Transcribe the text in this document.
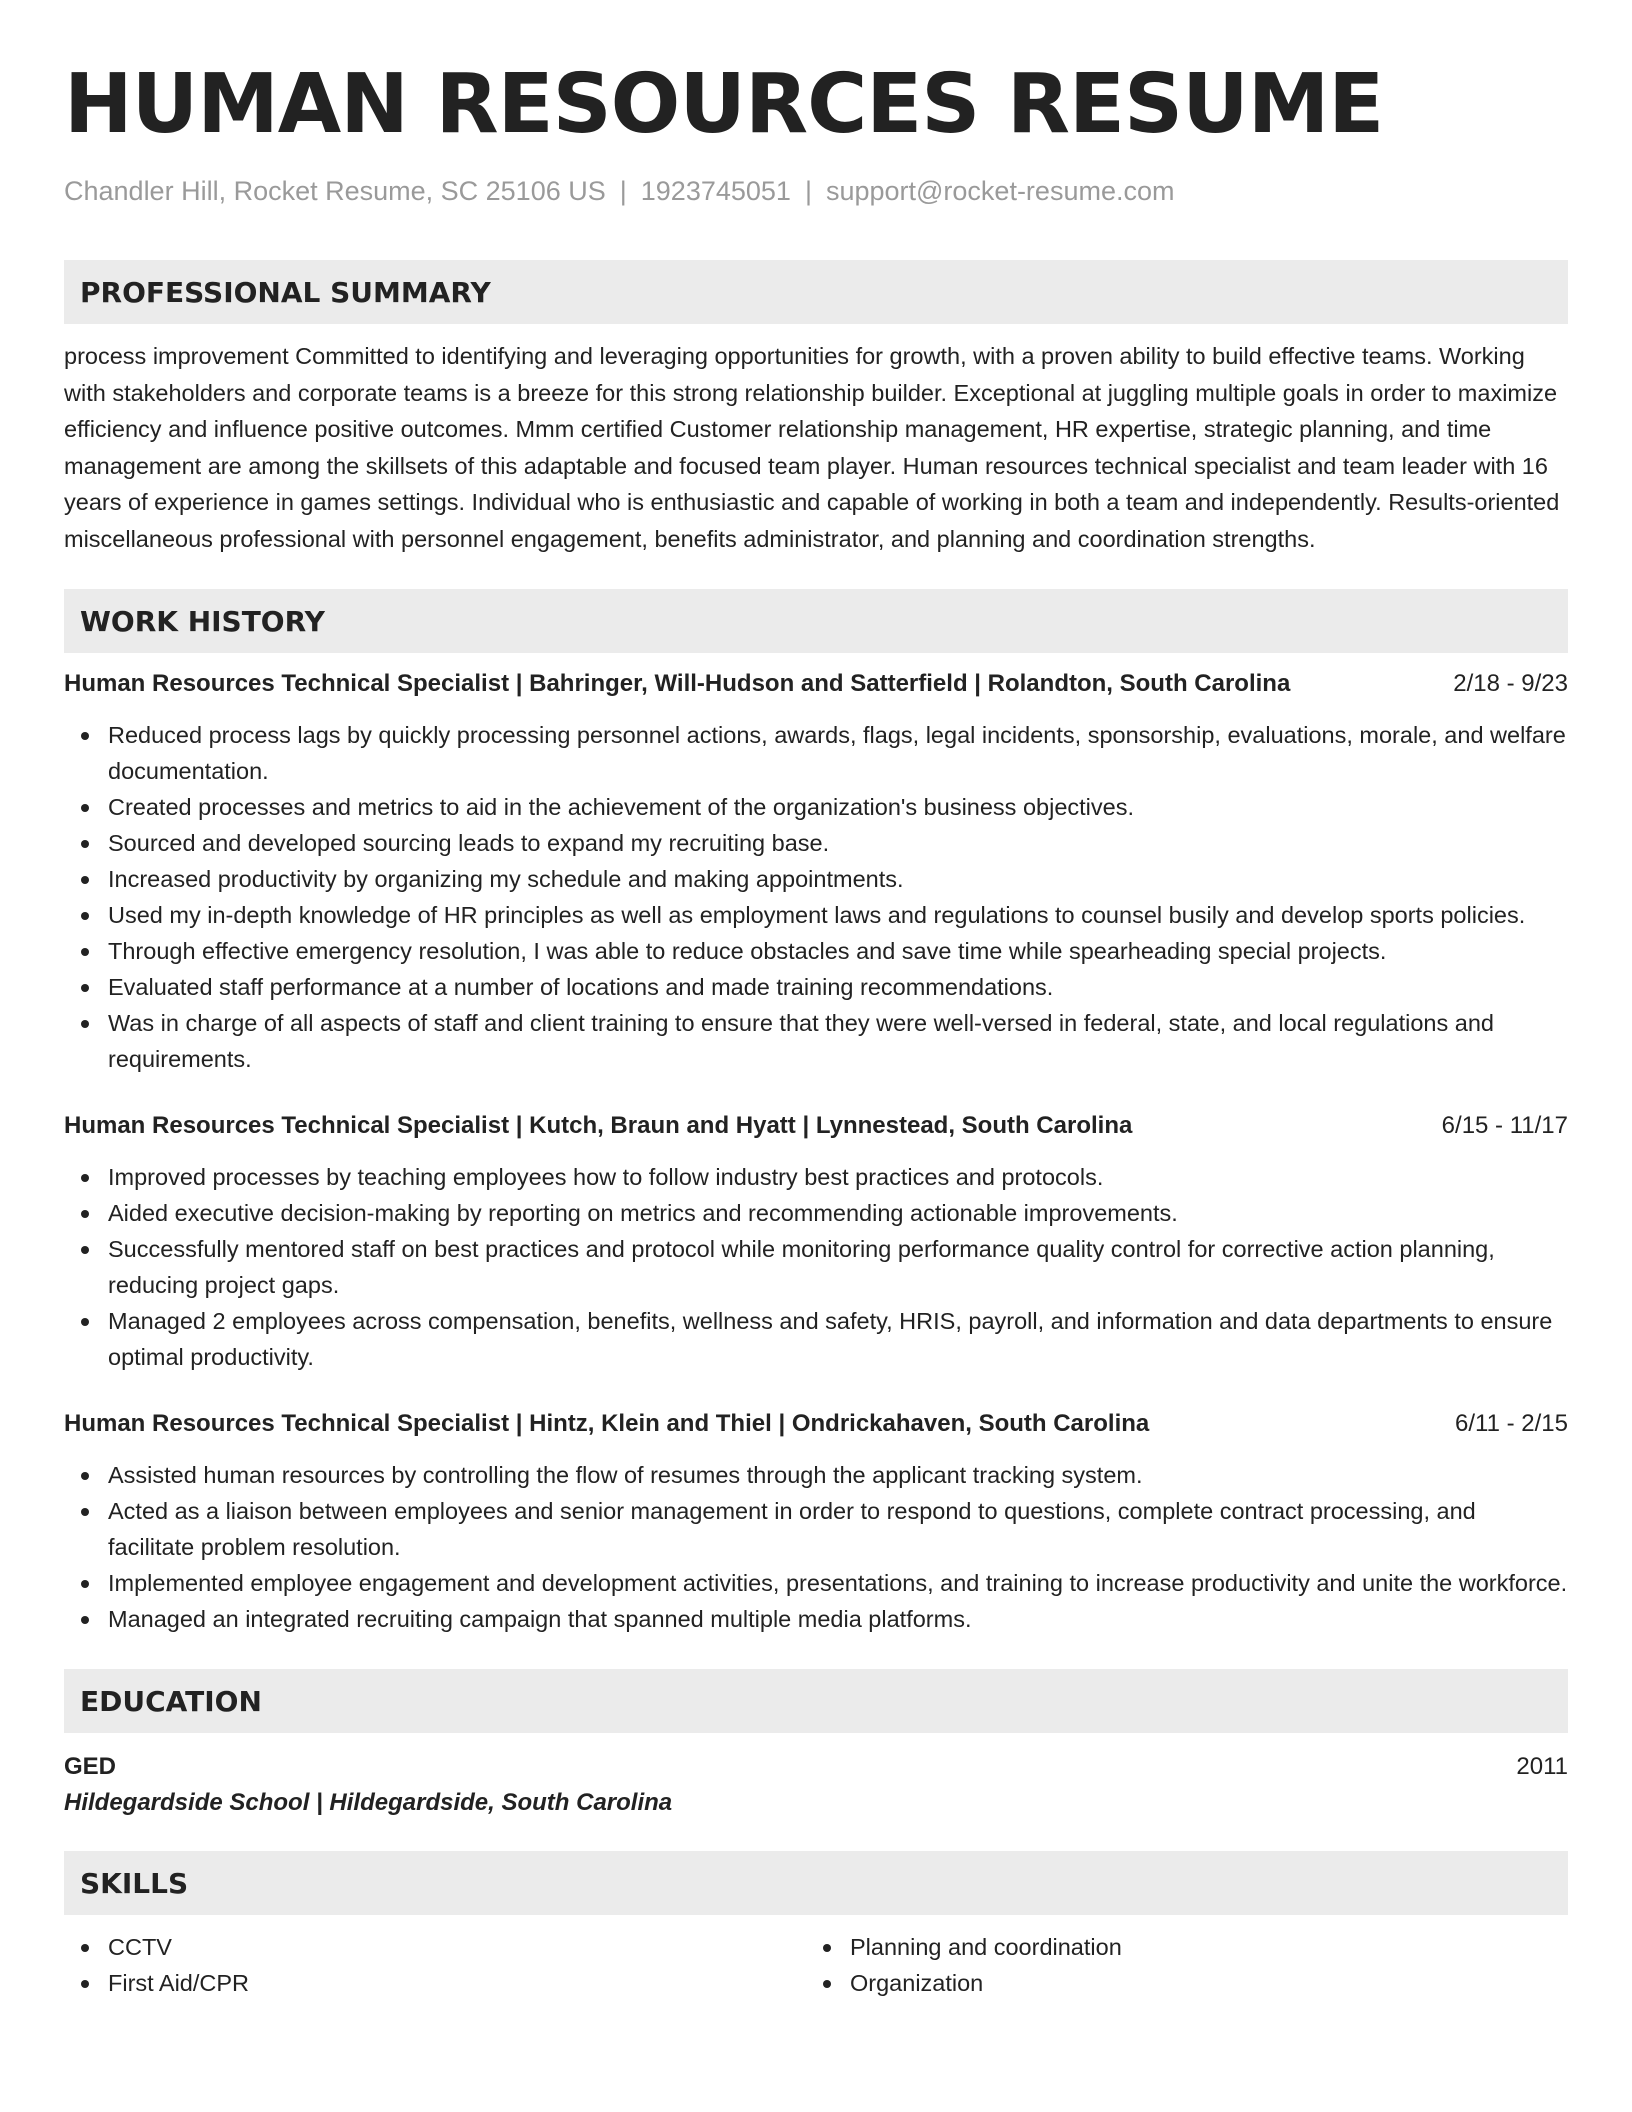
HUMAN RESOURCES RESUME
Chandler Hill, Rocket Resume, SC 25106 US | 1923745051 | support@rocket-resume.com
PROFESSIONAL SUMMARY

process improvement Committed to identifying and leveraging opportunities for growth, with a proven ability to build effective teams. Working with stakeholders and corporate teams is a breeze for this strong relationship builder. Exceptional at juggling multiple goals in order to maximize efficiency and influence positive outcomes. Mmm certified Customer relationship management, HR expertise, strategic planning, and time management are among the skillsets of this adaptable and focused team player. Human resources technical specialist and team leader with 16 years of experience in games settings. Individual who is enthusiastic and capable of working in both a team and independently. Results-oriented miscellaneous professional with personnel engagement, benefits administrator, and planning and coordination strengths.

WORK HISTORY
Human Resources Technical Specialist | Bahringer, Will-Hudson and Satterfield | Rolandton, South Carolina	2/18 - 9/23
Reduced process lags by quickly processing personnel actions, awards, flags, legal incidents, sponsorship, evaluations, morale, and welfare documentation.
Created processes and metrics to aid in the achievement of the organization's business objectives.
Sourced and developed sourcing leads to expand my recruiting base.
Increased productivity by organizing my schedule and making appointments.
Used my in-depth knowledge of HR principles as well as employment laws and regulations to counsel busily and develop sports policies.
Through effective emergency resolution, I was able to reduce obstacles and save time while spearheading special projects.
Evaluated staff performance at a number of locations and made training recommendations.
Was in charge of all aspects of staff and client training to ensure that they were well-versed in federal, state, and local regulations and requirements.
Human Resources Technical Specialist | Kutch, Braun and Hyatt | Lynnestead, South Carolina	6/15 - 11/17
Improved processes by teaching employees how to follow industry best practices and protocols.
Aided executive decision-making by reporting on metrics and recommending actionable improvements.
Successfully mentored staff on best practices and protocol while monitoring performance quality control for corrective action planning, reducing project gaps.
Managed 2 employees across compensation, benefits, wellness and safety, HRIS, payroll, and information and data departments to ensure optimal productivity.
Human Resources Technical Specialist | Hintz, Klein and Thiel | Ondrickahaven, South Carolina	6/11 - 2/15
Assisted human resources by controlling the flow of resumes through the applicant tracking system.
Acted as a liaison between employees and senior management in order to respond to questions, complete contract processing, and facilitate problem resolution.
Implemented employee engagement and development activities, presentations, and training to increase productivity and unite the workforce.
Managed an integrated recruiting campaign that spanned multiple media platforms.
EDUCATION
GED	2011
Hildegardside School | Hildegardside, South Carolina
SKILLS
CCTV
First Aid/CPR
Planning and coordination
Organization
